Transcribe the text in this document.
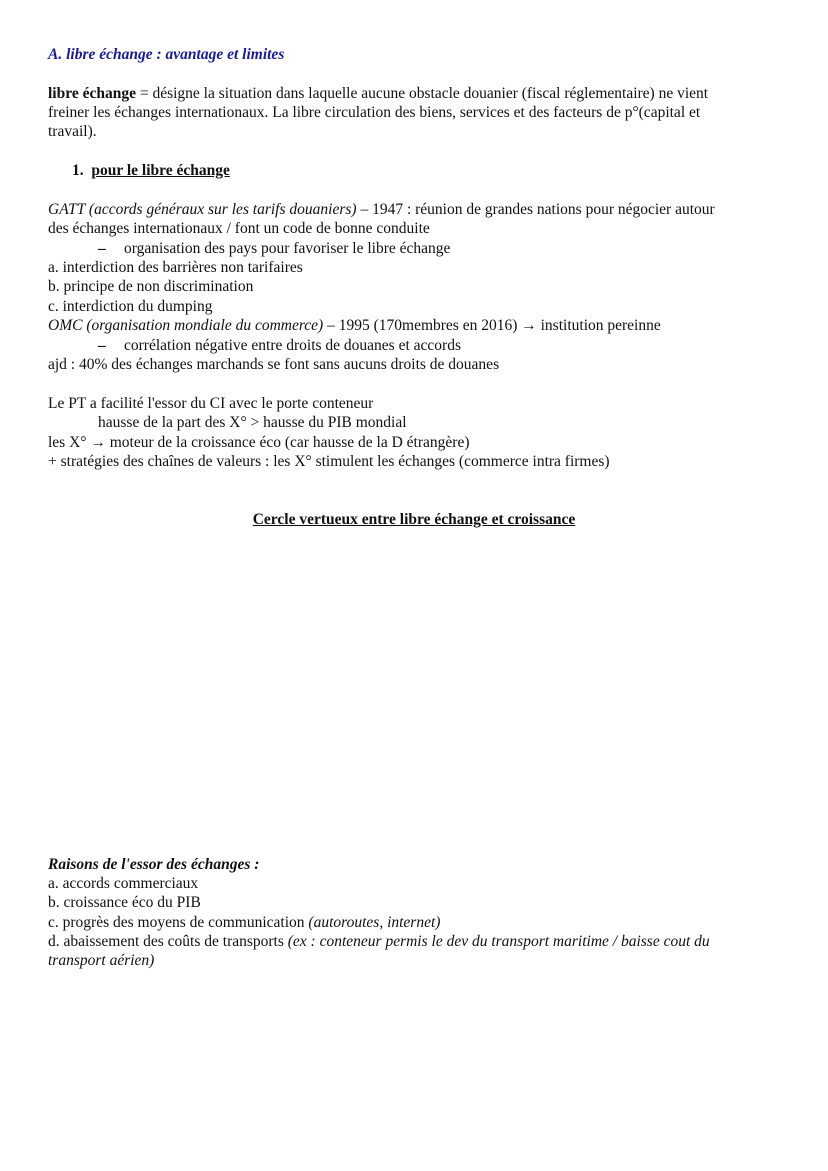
A. libre échange : avantage et limites
libre échange = désigne la situation dans laquelle aucune obstacle douanier (fiscal réglementaire) ne vient
freiner les échanges internationaux. La libre circulation des biens, services et des facteurs de p°(capital et
travail).
1. pour le libre échange
GATT (accords généraux sur les tarifs douaniers) – 1947 : réunion de grandes nations pour négocier autour
des échanges internationaux / font un code de bonne conduite
– organisation des pays pour favoriser le libre échange
a. interdiction des barrières non tarifaires
b. principe de non discrimination
c. interdiction du dumping
OMC (organisation mondiale du commerce) – 1995 (170membres en 2016) → institution pereinne
– corrélation négative entre droits de douanes et accords
ajd : 40% des échanges marchands se font sans aucuns droits de douanes
Le PT a facilité l'essor du CI avec le porte conteneur
hausse de la part des X° > hausse du PIB mondial
les X° → moteur de la croissance éco (car hausse de la D étrangère)
+ stratégies des chaînes de valeurs : les X° stimulent les échanges (commerce intra firmes)
Cercle vertueux entre libre échange et croissance
Raisons de l'essor des échanges :
a. accords commerciaux
b. croissance éco du PIB
c. progrès des moyens de communication (autoroutes, internet)
d. abaissement des coûts de transports (ex : conteneur permis le dev du transport maritime / baisse cout du
transport aérien)
